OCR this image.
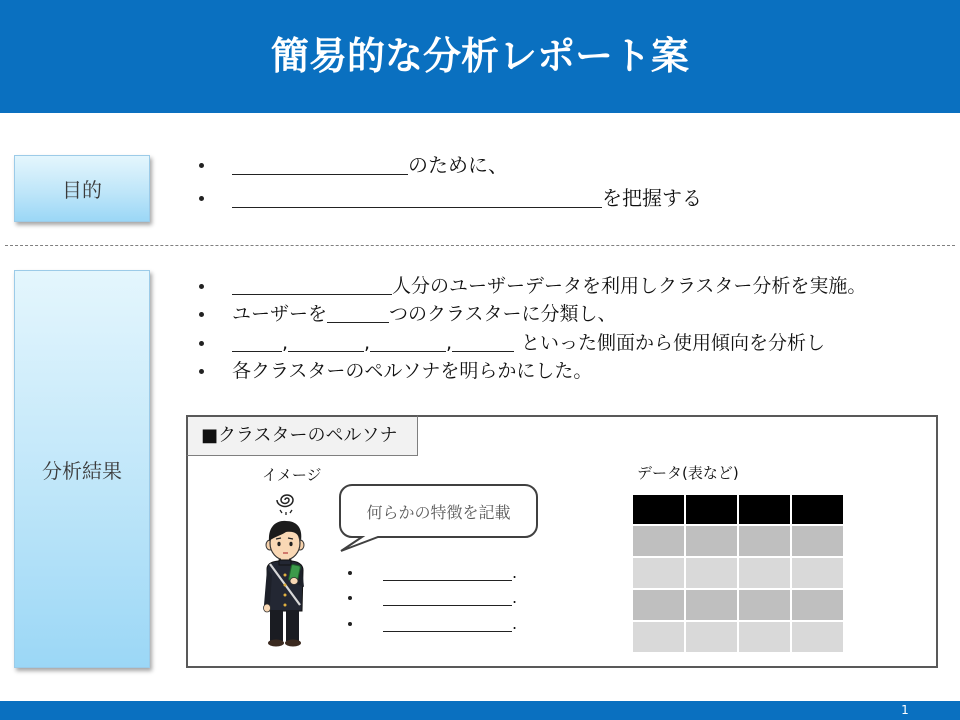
簡易的な分析レポート案
目的
のために、
を把握する
分析結果
人分のユーザーデータを利用しクラスター分析を実施。
ユーザーを	つのクラスターに分類し、
,	,	,	といった側面から使用傾向を分析し
各クラスターのペルソナを明らかにした。
■クラスターのペルソナ
イメージ
何らかの特徴を記載
.
.
.
データ(表など)

1
